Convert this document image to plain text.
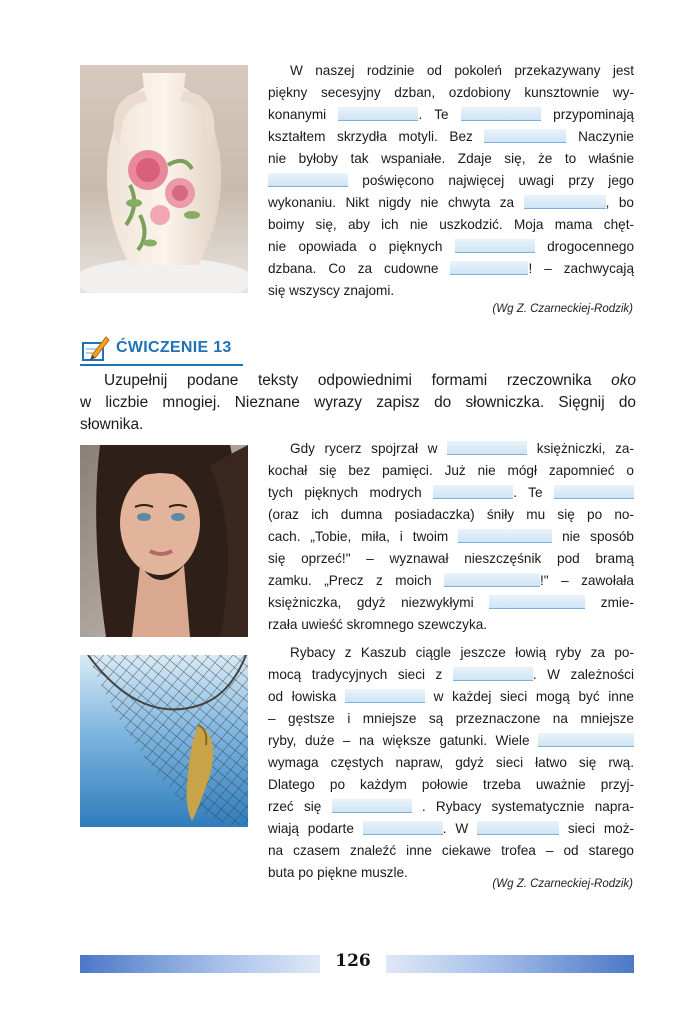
W naszej rodzinie od pokoleń przekazywany jest
piękny secesyjny dzban, ozdobiony kunsztownie wy-
konanymi	. Te	przypominają
kształtem skrzydła motyli. Bez	Naczynie
nie byłoby tak wspaniałe. Zdaje się, że to właśnie
poświęcono najwięcej uwagi przy jego
wykonaniu. Nikt nigdy nie chwyta za	, bo
boimy się, aby ich nie uszkodzić. Moja mama chęt-
nie opowiada o pięknych	drogocennego
dzbana. Co za cudowne	! – zachwycają
się wszyscy znajomi.
(Wg Z. Czarneckiej-Rodzik)
ĆWICZENIE 13
Uzupełnij podane teksty odpowiednimi formami rzeczownika oko
w liczbie mnogiej. Nieznane wyrazy zapisz do słowniczka. Sięgnij do
słownika.
Gdy rycerz spojrzał w	księżniczki, za-
kochał się bez pamięci. Już nie mógł zapomnieć o
tych pięknych modrych	. Te
(oraz ich dumna posiadaczka) śniły mu się po no-
cach. „Tobie, miła, i twoim	nie sposób
się oprzeć!" – wyznawał nieszczęśnik pod bramą
zamku. „Precz z moich	!" – zawołała
księżniczka, gdyż niezwykłymi	zmie-
rzała uwieść skromnego szewczyka.
Rybacy z Kaszub ciągle jeszcze łowią ryby za po-
mocą tradycyjnych sieci z	. W zależności
od łowiska	w każdej sieci mogą być inne
– gęstsze i mniejsze są przeznaczone na mniejsze
ryby, duże – na większe gatunki. Wiele
wymaga częstych napraw, gdyż sieci łatwo się rwą.
Dlatego po każdym połowie trzeba uważnie przyj-
rzeć się	. Rybacy systematycznie napra-
wiają podarte	. W	sieci moż-
na czasem znaleźć inne ciekawe trofea – od starego
buta po piękne muszle.
(Wg Z. Czarneckiej-Rodzik)
126
